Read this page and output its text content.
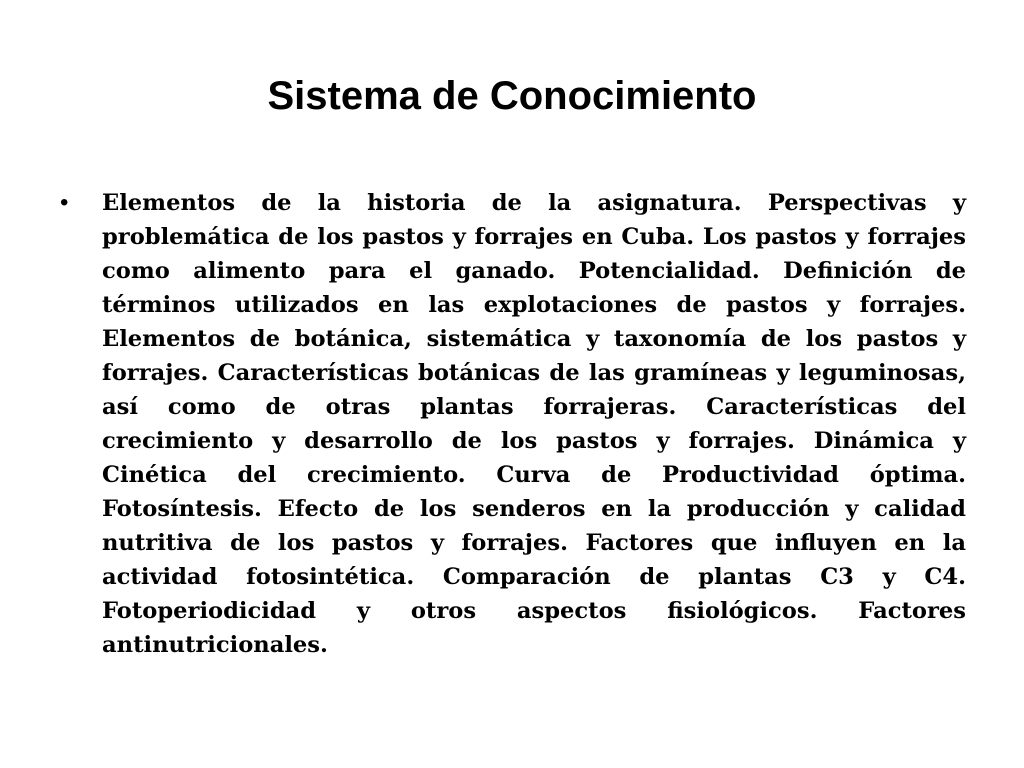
Sistema de Conocimiento
•	Elementos de la historia de la asignatura. Perspectivas y problemática de los pastos y forrajes en Cuba. Los pastos y forrajes como alimento para el ganado. Potencialidad. Definición de términos utilizados en las explotaciones de pastos y forrajes. Elementos de botánica, sistemática y taxonomía de los pastos y forrajes. Características botánicas de las gramíneas y leguminosas, así como de otras plantas forrajeras. Características del crecimiento y desarrollo de los pastos y forrajes. Dinámica y Cinética del crecimiento. Curva de Productividad óptima. Fotosíntesis. Efecto de los senderos en la producción y calidad nutritiva de los pastos y forrajes. Factores que influyen en la actividad fotosintética. Comparación de plantas C3 y C4. Fotoperiodicidad y otros aspectos fisiológicos. Factores antinutricionales.
